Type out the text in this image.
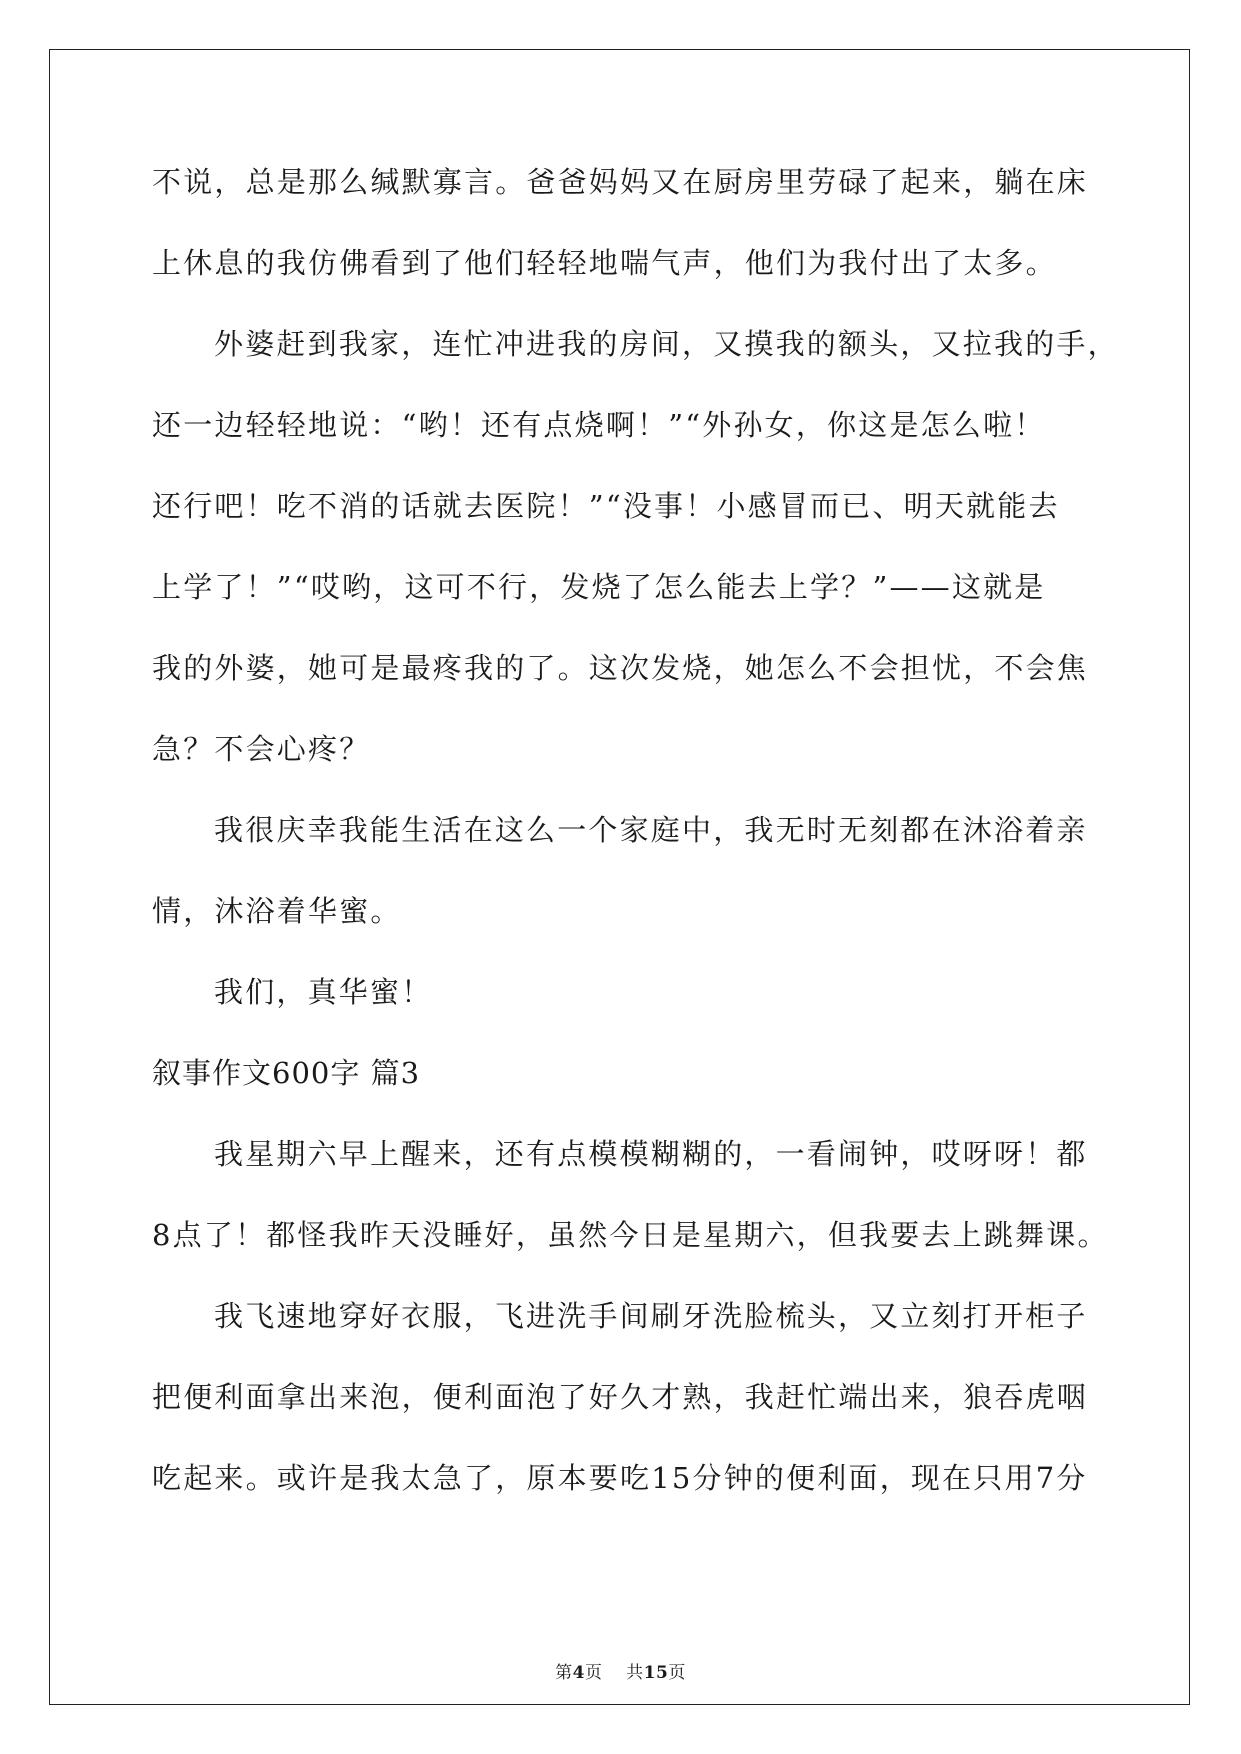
不说，总是那么缄默寡言。爸爸妈妈又在厨房里劳碌了起来，躺在床
上休息的我仿佛看到了他们轻轻地喘气声，他们为我付出了太多。
外婆赶到我家，连忙冲进我的房间，又摸我的额头，又拉我的手，
还一边轻轻地说：“哟！还有点烧啊！”“外孙女，你这是怎么啦！
还行吧！吃不消的话就去医院！”“没事！小感冒而已、明天就能去
上学了！”“哎哟，这可不行，发烧了怎么能去上学？”——这就是
我的外婆，她可是最疼我的了。这次发烧，她怎么不会担忧，不会焦
急？不会心疼？
我很庆幸我能生活在这么一个家庭中，我无时无刻都在沐浴着亲
情，沐浴着华蜜。
我们，真华蜜！
叙事作文600字 篇3
我星期六早上醒来，还有点模模糊糊的，一看闹钟，哎呀呀！都
8点了！都怪我昨天没睡好，虽然今日是星期六，但我要去上跳舞课。
我飞速地穿好衣服，飞进洗手间刷牙洗脸梳头，又立刻打开柜子
把便利面拿出来泡，便利面泡了好久才熟，我赶忙端出来，狼吞虎咽
吃起来。或许是我太急了，原本要吃15分钟的便利面，现在只用7分
第4页 共15页
